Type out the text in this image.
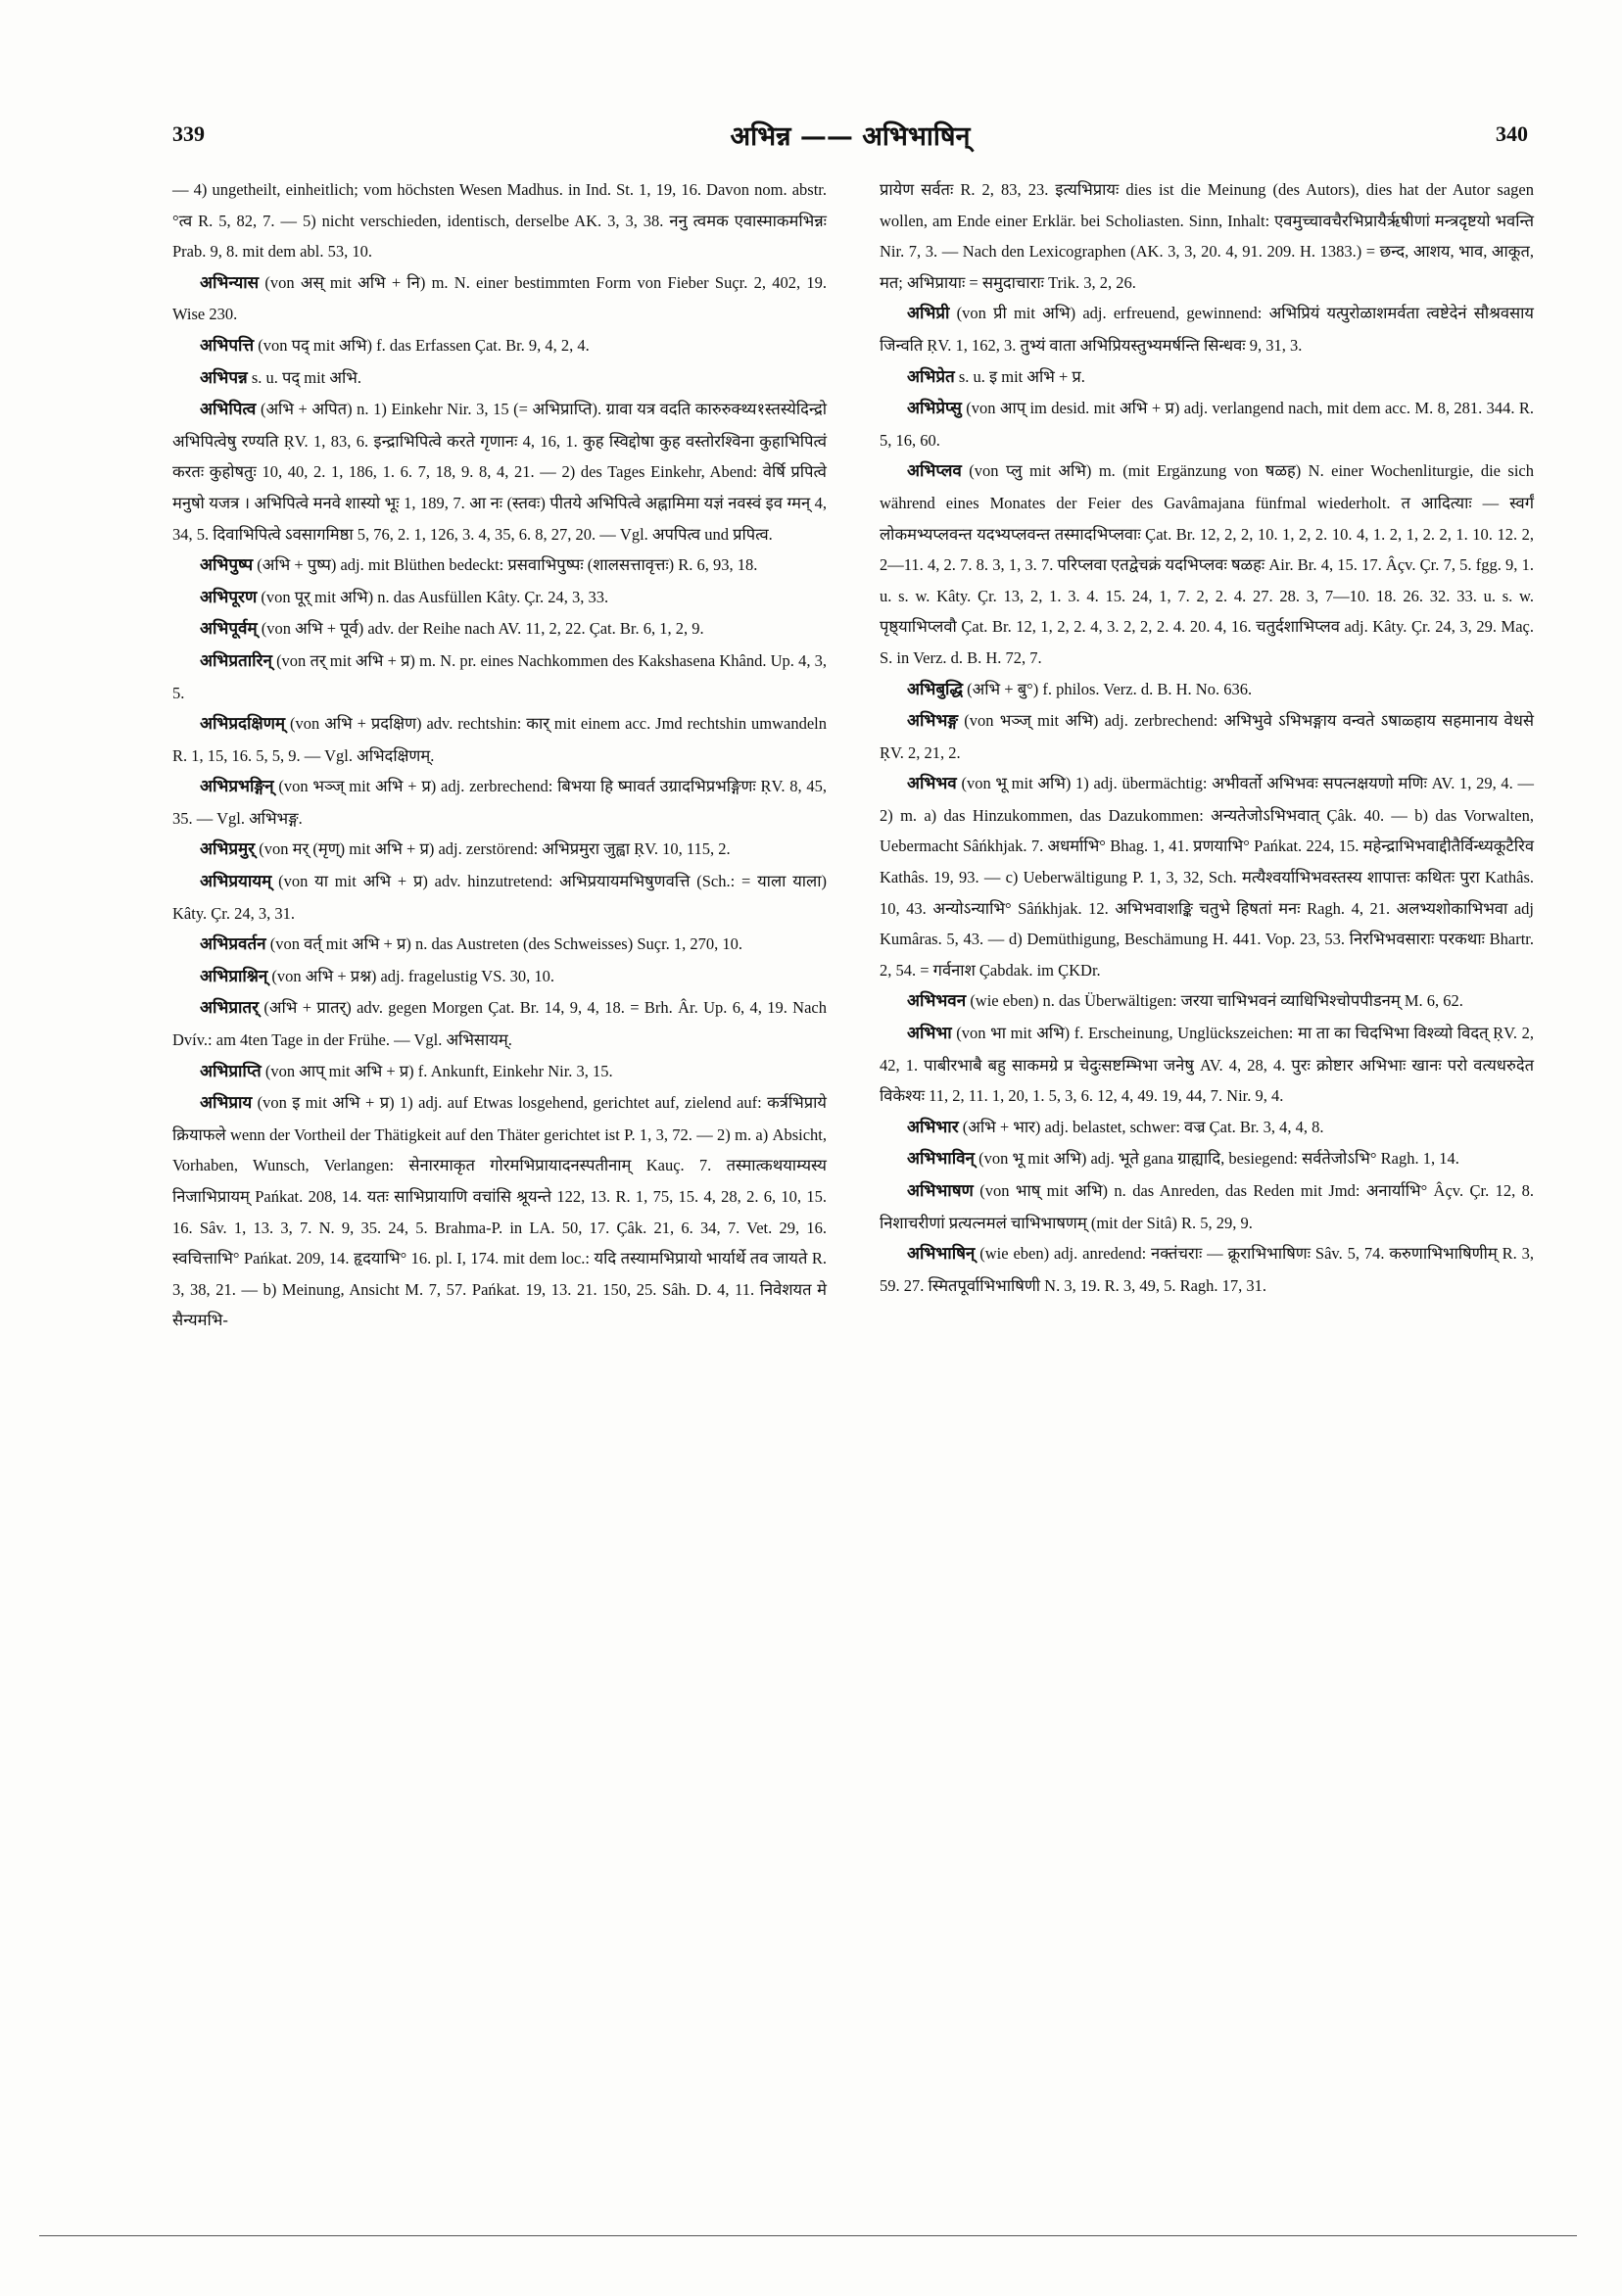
339	अभिन्न —— अभिभाषिन्	340

— 4) ungetheilt, einheitlich; vom höchsten Wesen Madhus. in Ind. St. 1, 19, 16. Davon nom. abstr. °त्व R. 5, 82, 7. — 5) nicht verschieden, identisch, derselbe AK. 3, 3, 38. ननु त्वमक एवास्माकमभिन्नः Prab. 9, 8. mit dem abl. 53, 10.

अभिन्यास (von अस् mit अभि + नि) m. N. einer bestimmten Form von Fieber Suçr. 2, 402, 19. Wise 230.

अभिपत्ति (von पद् mit अभि) f. das Erfassen Çat. Br. 9, 4, 2, 4.

अभिपन्न s. u. पद् mit अभि.

अभिपित्व (अभि + अपित) n. 1) Einkehr Nir. 3, 15 (= अभिप्राप्ति). ग्रावा यत्र वदति कारुरुक्थ्य१स्तस्येदिन्द्रो अभिपित्वेषु रण्यति ṚV. 1, 83, 6. इन्द्राभिपित्वे करते गृणानः 4, 16, 1. कुह स्विद्दोषा कुह वस्तोरश्विना कुहाभिपित्वं करतः कुहोषतुः 10, 40, 2. 1, 186, 1. 6. 7, 18, 9. 8, 4, 21. — 2) des Tages Einkehr, Abend: वेर्षि प्रपित्वे मनुषो यजत्र । अभिपित्वे मनवे शास्यो भूः 1, 189, 7. आ नः (स्तवः) पीतये अभिपित्वे अह्नामिमा यज्ञं नवस्वं इव ग्मन् 4, 34, 5. दिवाभिपित्वे ऽवसागमिष्ठा 5, 76, 2. 1, 126, 3. 4, 35, 6. 8, 27, 20. — Vgl. अपपित्व und प्रपित्व.

अभिपुष्प (अभि + पुष्प) adj. mit Blüthen bedeckt: प्रसवाभिपुष्पः (शालसत्तावृत्तः) R. 6, 93, 18.

अभिपूरण (von पूर् mit अभि) n. das Ausfüllen Kâty. Çr. 24, 3, 33.

अभिपूर्वम् (von अभि + पूर्व) adv. der Reihe nach AV. 11, 2, 22. Çat. Br. 6, 1, 2, 9.

अभिप्रतारिन् (von तर् mit अभि + प्र) m. N. pr. eines Nachkommen des Kakshasena Khând. Up. 4, 3, 5.

अभिप्रदक्षिणम् (von अभि + प्रदक्षिण) adv. rechtshin: कार् mit einem acc. Jmd rechtshin umwandeln R. 1, 15, 16. 5, 5, 9. — Vgl. अभिदक्षिणम्.

अभिप्रभङ्गिन् (von भञ्ज् mit अभि + प्र) adj. zerbrechend: बिभया हि ष्मावर्त उग्रादभिप्रभङ्गिणः ṚV. 8, 45, 35. — Vgl. अभिभङ्ग.

अभिप्रमुर् (von मर् (मृण्) mit अभि + प्र) adj. zerstörend: अभिप्रमुरा जुह्वा ṚV. 10, 115, 2.

अभिप्रयायम् (von या mit अभि + प्र) adv. hinzutretend: अभिप्रयायमभिषुणवत्ति (Sch.: = याला याला) Kâty. Çr. 24, 3, 31.

अभिप्रवर्तन (von वर्त् mit अभि + प्र) n. das Austreten (des Schweisses) Suçr. 1, 270, 10.

अभिप्राश्निन् (von अभि + प्रश्न) adj. fragelustig VS. 30, 10.

अभिप्रातर् (अभि + प्रातर्) adv. gegen Morgen Çat. Br. 14, 9, 4, 18. = Brh. Âr. Up. 6, 4, 19. Nach Dvív.: am 4ten Tage in der Frühe. — Vgl. अभिसायम्.

अभिप्राप्ति (von आप् mit अभि + प्र) f. Ankunft, Einkehr Nir. 3, 15.

अभिप्राय (von इ mit अभि + प्र) 1) adj. auf Etwas losgehend, gerichtet auf, zielend auf: कर्त्रभिप्राये क्रियाफले wenn der Vortheil der Thätigkeit auf den Thäter gerichtet ist P. 1, 3, 72. — 2) m. a) Absicht, Vorhaben, Wunsch, Verlangen: सेनारमाकृत गोरमभिप्रायादनस्पतीनाम् Kauç. 7. तस्मात्कथयाम्यस्य निजाभिप्रायम् Pańkat. 208, 14. यतः साभिप्रायाणि वचांसि श्रूयन्ते 122, 13. R. 1, 75, 15. 4, 28, 2. 6, 10, 15. 16. Sâv. 1, 13. 3, 7. N. 9, 35. 24, 5. Brahma-P. in LA. 50, 17. Çâk. 21, 6. 34, 7. Vet. 29, 16. स्वचित्ताभि° Pańkat. 209, 14. हृदयाभि° 16. pl. I, 174. mit dem loc.: यदि तस्यामभिप्रायो भार्यार्थे तव जायते R. 3, 38, 21. — b) Meinung, Ansicht M. 7, 57. Pańkat. 19, 13. 21. 150, 25. Sâh. D. 4, 11. निवेशयत मे सैन्यमभि-

प्रायेण सर्वतः R. 2, 83, 23. इत्यभिप्रायः dies ist die Meinung (des Autors), dies hat der Autor sagen wollen, am Ende einer Erklär. bei Scholiasten. Sinn, Inhalt: एवमुच्चावचैरभिप्रायैरृषीणां मन्त्रदृष्टयो भवन्ति Nir. 7, 3. — Nach den Lexicographen (AK. 3, 3, 20. 4, 91. 209. H. 1383.) = छन्द, आशय, भाव, आकूत, मत; अभिप्रायाः = समुदाचाराः Trik. 3, 2, 26.

अभिप्री (von प्री mit अभि) adj. erfreuend, gewinnend: अभिप्रियं यत्पुरोळाशमर्वता त्वष्टेदेनं सौश्रवसाय जिन्वति ṚV. 1, 162, 3. तुभ्यं वाता अभिप्रियस्तुभ्यमर्षन्ति सिन्धवः 9, 31, 3.

अभिप्रेत s. u. इ mit अभि + प्र.

अभिप्रेप्सु (von आप् im desid. mit अभि + प्र) adj. verlangend nach, mit dem acc. M. 8, 281. 344. R. 5, 16, 60.

अभिप्लव (von प्लु mit अभि) m. (mit Ergänzung von षळह) N. einer Wochenliturgie, die sich während eines Monates der Feier des Gavâmajana fünfmal wiederholt. त आदित्याः — स्वर्गं लोकमभ्यप्लवन्त यदभ्यप्लवन्त तस्मादभिप्लवाः Çat. Br. 12, 2, 2, 10. 1, 2, 2. 10. 4, 1. 2, 1, 2. 2, 1. 10. 12. 2, 2—11. 4, 2. 7. 8. 3, 1, 3. 7. परिप्लवा एतद्वेचक्रं यदभिप्लवः षळहः Air. Br. 4, 15. 17. Âçv. Çr. 7, 5. fgg. 9, 1. u. s. w. Kâty. Çr. 13, 2, 1. 3. 4. 15. 24, 1, 7. 2, 2. 4. 27. 28. 3, 7—10. 18. 26. 32. 33. u. s. w. पृष्ठ्याभिप्लवौ Çat. Br. 12, 1, 2, 2. 4, 3. 2, 2, 2. 4. 20. 4, 16. चतुर्दशाभिप्लव adj. Kâty. Çr. 24, 3, 29. Maç. S. in Verz. d. B. H. 72, 7.

अभिबुद्धि (अभि + बु°) f. philos. Verz. d. B. H. No. 636.

अभिभङ्ग (von भञ्ज् mit अभि) adj. zerbrechend: अभिभुवे ऽभिभङ्गाय वन्वते ऽषाळ्हाय सहमानाय वेधसे ṚV. 2, 21, 2.

अभिभव (von भू mit अभि) 1) adj. übermächtig: अभीवर्तो अभिभवः सपत्नक्षयणो मणिः AV. 1, 29, 4. — 2) m. a) das Hinzukommen, das Dazukommen: अन्यतेजोऽभिभवात् Çâk. 40. — b) das Vorwalten, Uebermacht Sâńkhjak. 7. अधर्माभि° Bhag. 1, 41. प्रणयाभि° Pańkat. 224, 15. महेन्द्राभिभवाद्दीतैर्विन्ध्यकूटैरिव Kathâs. 19, 93. — c) Ueberwältigung P. 1, 3, 32, Sch. मत्यैश्वर्याभिभवस्तस्य शापात्तः कथितः पुरा Kathâs. 10, 43. अन्योऽन्याभि° Sâńkhjak. 12. अभिभवाशङ्कि चतुभे हिषतां मनः Ragh. 4, 21. अलभ्यशोकाभिभवा adj Kumâras. 5, 43. — d) Demüthigung, Beschämung H. 441. Vop. 23, 53. निरभिभवसाराः परकथाः Bhartr. 2, 54. = गर्वनाश Çabdak. im ÇKDr.

अभिभवन (wie eben) n. das Überwältigen: जरया चाभिभवनं व्याधिभिश्चोपपीडनम् M. 6, 62.

अभिभा (von भा mit अभि) f. Erscheinung, Unglückszeichen: मा ता का चिदभिभा विश्व्यो विदत् ṚV. 2, 42, 1. पाबीरभाबै बहु साकमग्रे प्र चेदुःसष्टम्भिभा जनेषु AV. 4, 28, 4. पुरः क्रोष्टार अभिभाः खानः परो वत्यधरुदेत विकेश्यः 11, 2, 11. 1, 20, 1. 5, 3, 6. 12, 4, 49. 19, 44, 7. Nir. 9, 4.

अभिभार (अभि + भार) adj. belastet, schwer: वज्र Çat. Br. 3, 4, 4, 8.

अभिभाविन् (von भू mit अभि) adj. भूते gana ग्राह्यादि, besiegend: सर्वतेजोऽभि° Ragh. 1, 14.

अभिभाषण (von भाष् mit अभि) n. das Anreden, das Reden mit Jmd: अनार्याभि° Âçv. Çr. 12, 8. निशाचरीणां प्रत्यत्नमलं चाभिभाषणम् (mit der Sitâ) R. 5, 29, 9.

अभिभाषिन् (wie eben) adj. anredend: नक्तंचराः — क्रूराभिभाषिणः Sâv. 5, 74. करुणाभिभाषिणीम् R. 3, 59. 27. स्मितपूर्वाभिभाषिणी N. 3, 19. R. 3, 49, 5. Ragh. 17, 31.
